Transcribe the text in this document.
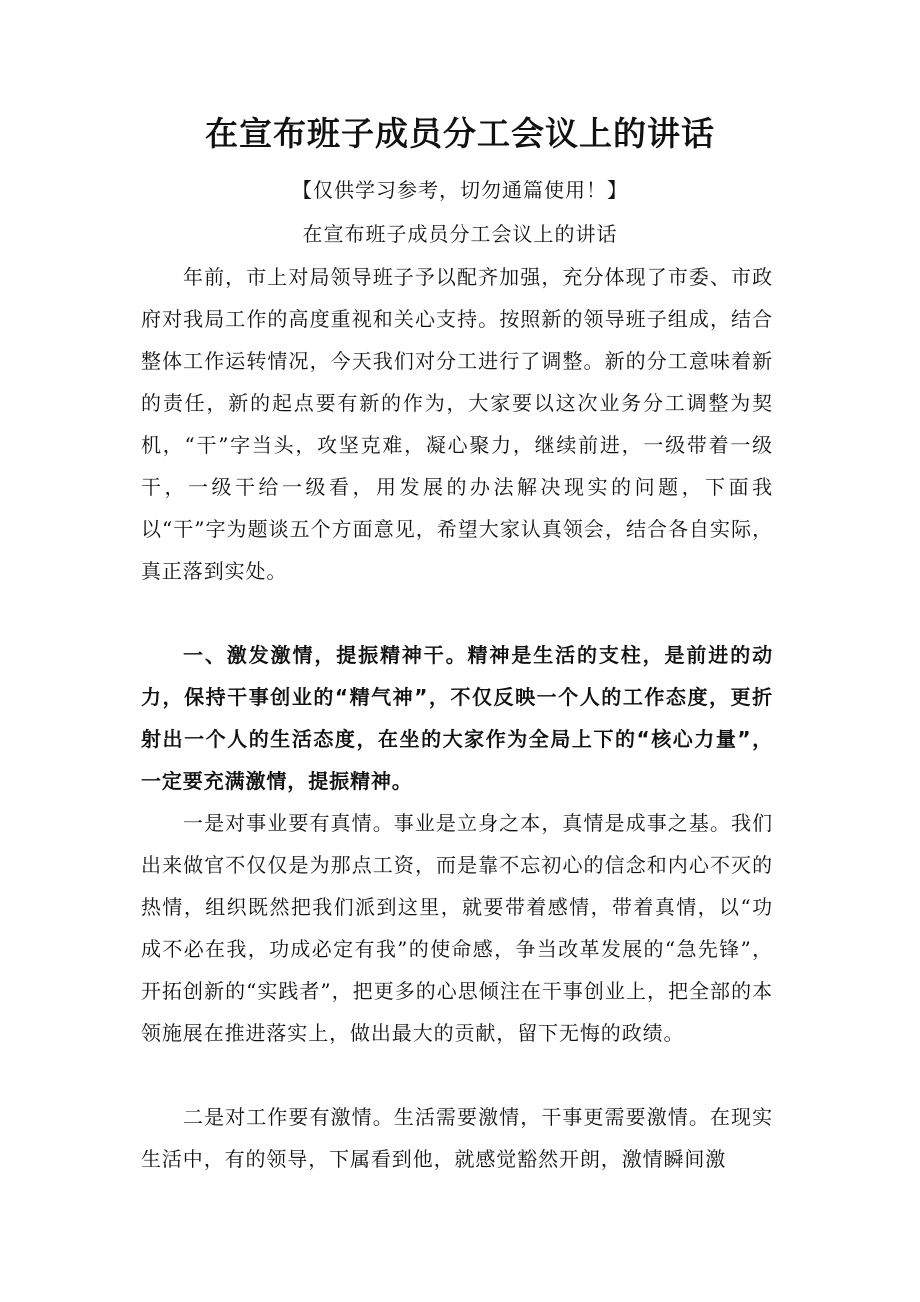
在宣布班子成员分工会议上的讲话

【仅供学习参考，切勿通篇使用！】

在宣布班子成员分工会议上的讲话

年前，市上对局领导班子予以配齐加强，充分体现了市委、市政府对我局工作的高度重视和关心支持。按照新的领导班子组成，结合整体工作运转情况，今天我们对分工进行了调整。新的分工意味着新的责任，新的起点要有新的作为，大家要以这次业务分工调整为契机，“干”字当头，攻坚克难，凝心聚力，继续前进，一级带着一级干，一级干给一级看，用发展的办法解决现实的问题，下面我以“干”字为题谈五个方面意见，希望大家认真领会，结合各自实际，真正落到实处。

一、激发激情，提振精神干。精神是生活的支柱，是前进的动力，保持干事创业的“精气神”，不仅反映一个人的工作态度，更折射出一个人的生活态度，在坐的大家作为全局上下的“核心力量”，一定要充满激情，提振精神。

一是对事业要有真情。事业是立身之本，真情是成事之基。我们出来做官不仅仅是为那点工资，而是靠不忘初心的信念和内心不灭的热情，组织既然把我们派到这里，就要带着感情，带着真情，以“功成不必在我，功成必定有我”的使命感，争当改革发展的“急先锋”，开拓创新的“实践者”，把更多的心思倾注在干事创业上，把全部的本领施展在推进落实上，做出最大的贡献，留下无悔的政绩。

二是对工作要有激情。生活需要激情，干事更需要激情。在现实生活中，有的领导，下属看到他，就感觉豁然开朗，激情瞬间激
